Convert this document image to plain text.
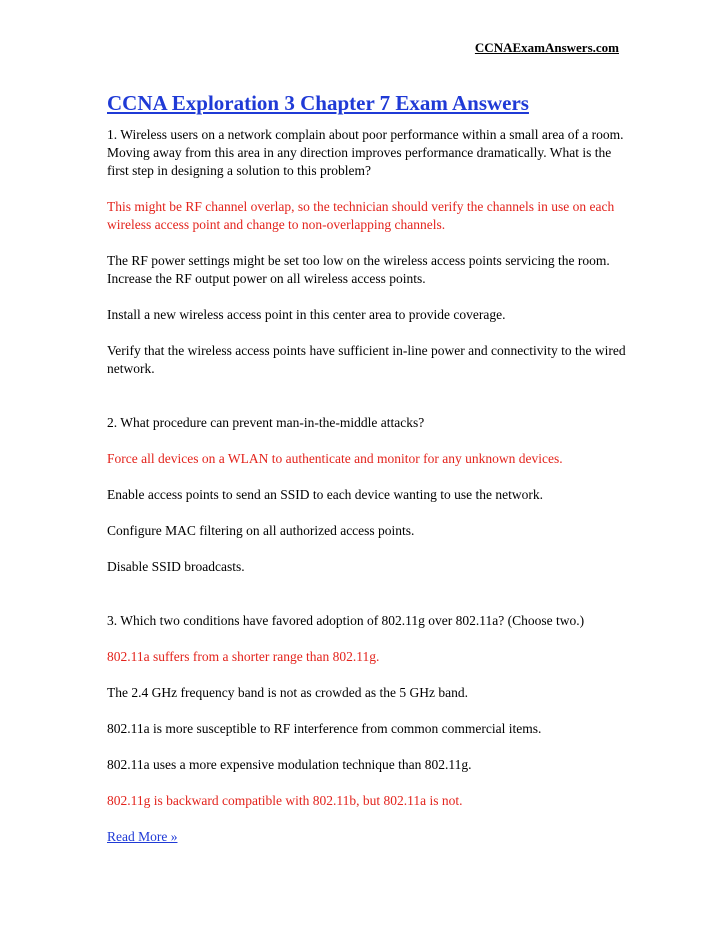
CCNAExamAnswers.com
CCNA Exploration 3 Chapter 7 Exam Answers

1. Wireless users on a network complain about poor performance within a small area of a room. Moving away from this area in any direction improves performance dramatically. What is the first step in designing a solution to this problem?

This might be RF channel overlap, so the technician should verify the channels in use on each wireless access point and change to non-overlapping channels.

The RF power settings might be set too low on the wireless access points servicing the room. Increase the RF output power on all wireless access points.

Install a new wireless access point in this center area to provide coverage.

Verify that the wireless access points have sufficient in-line power and connectivity to the wired network.

2. What procedure can prevent man-in-the-middle attacks?

Force all devices on a WLAN to authenticate and monitor for any unknown devices.

Enable access points to send an SSID to each device wanting to use the network.

Configure MAC filtering on all authorized access points.

Disable SSID broadcasts.

3. Which two conditions have favored adoption of 802.11g over 802.11a? (Choose two.)

802.11a suffers from a shorter range than 802.11g.

The 2.4 GHz frequency band is not as crowded as the 5 GHz band.

802.11a is more susceptible to RF interference from common commercial items.

802.11a uses a more expensive modulation technique than 802.11g.

802.11g is backward compatible with 802.11b, but 802.11a is not.

Read More »
